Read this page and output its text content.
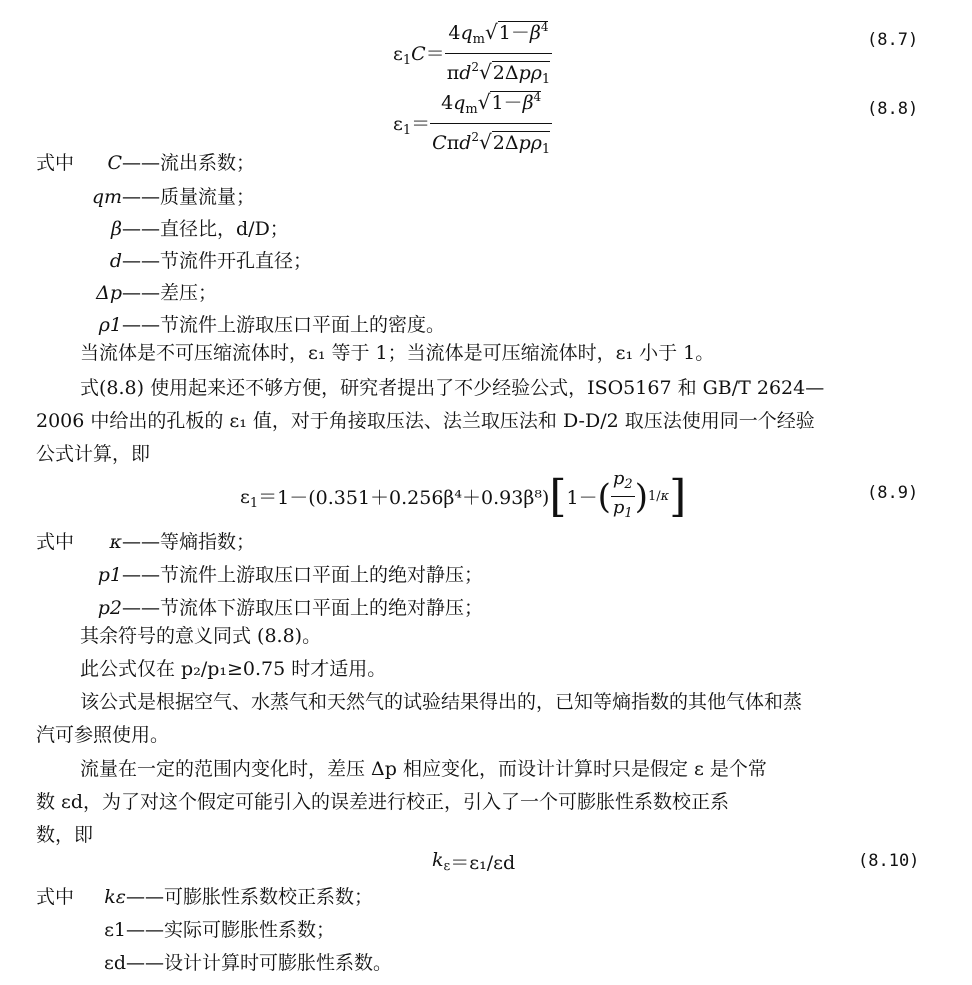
$\varepsilon_1C= \frac{4q_m√1-\beta^4}{\pi d^2√2\Delta p\rho_1}$	(8.7)
$\varepsilon_1= \frac{4q_m√1-\beta^4}{C\pi d^2√2\Delta p\rho_1}$	(8.8)
式中	C ——流出系数；
qm ——质量流量；
β ——直径比，d/D；
d ——节流件开孔直径；
Δp ——差压；
ρ1 ——节流件上游取压口平面上的密度。
当流体是不可压缩流体时，ε₁ 等于 1；当流体是可压缩流体时，ε₁ 小于 1。
式(8.8) 使用起来还不够方便，研究者提出了不少经验公式，ISO5167 和 GB/T 2624—
2006 中给出的孔板的 ε₁ 值，对于角接取压法、法兰取压法和 D-D/2 取压法使用同一个经验
公式计算，即
$\varepsilon_1= 1-(0.351+0.256\beta^4+0.93\beta^8)$ [ 1－ ( $\frac{p_2}{p_1}$ ) 1/κ ]	(8.9)
式中	κ ——等熵指数；
p1 ——节流件上游取压口平面上的绝对静压；
p2 ——节流体下游取压口平面上的绝对静压；
其余符号的意义同式 (8.8)。
此公式仅在 p₂/p₁≥0.75 时才适用。
该公式是根据空气、水蒸气和天然气的试验结果得出的，已知等熵指数的其他气体和蒸
汽可参照使用。
流量在一定的范围内变化时，差压 Δp 相应变化，而设计计算时只是假定 ε 是个常
数 εd，为了对这个假定可能引入的误差进行校正，引入了一个可膨胀性系数校正系
数，即
$k_\varepsilon =\varepsilon_1/\varepsilon d$	(8.10)
式中	kε ——可膨胀性系数校正系数；
ε1 ——实际可膨胀性系数；
εd ——设计计算时可膨胀性系数。
